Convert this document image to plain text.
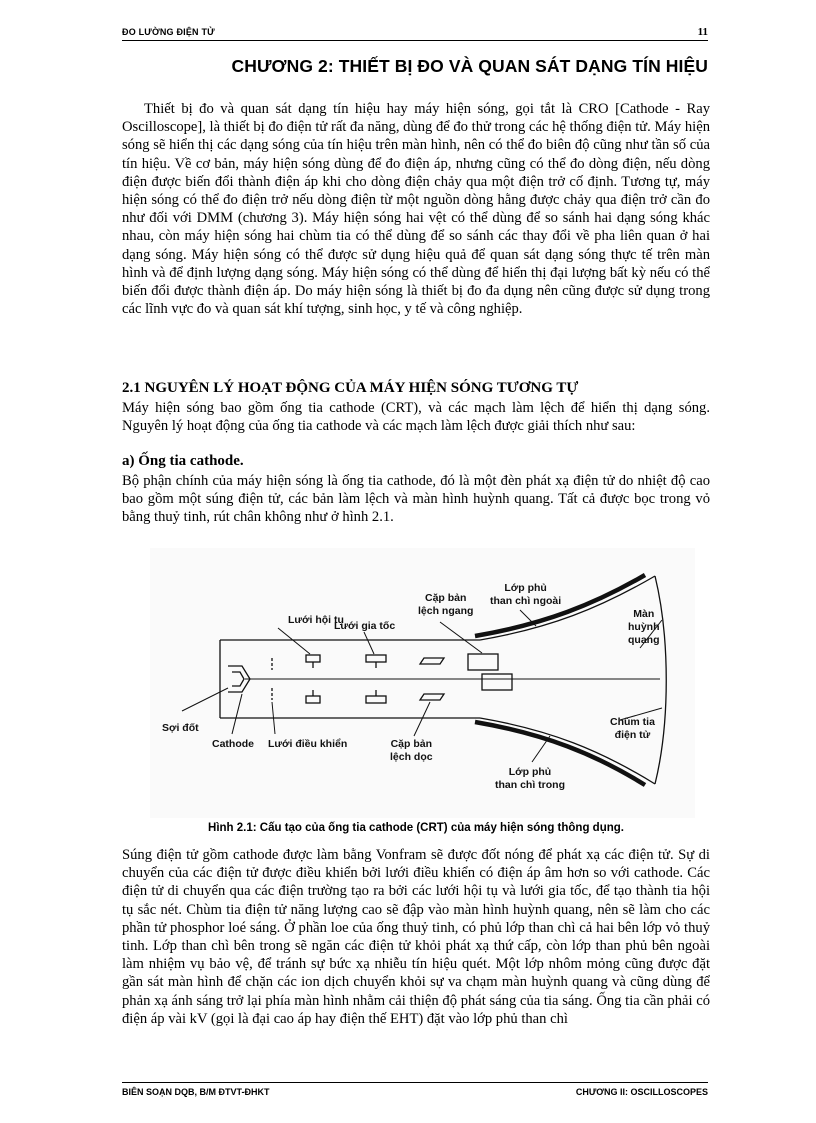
ĐO LƯỜNG ĐIỆN TỬ	11
CHƯƠNG 2: THIẾT BỊ ĐO VÀ QUAN SÁT DẠNG TÍN HIỆU

Thiết bị đo và quan sát dạng tín hiệu hay máy hiện sóng, gọi tắt là CRO [Cathode - Ray Oscilloscope], là thiết bị đo điện tử rất đa năng, dùng để đo thử trong các hệ thống điện tử. Máy hiện sóng sẽ hiển thị các dạng sóng của tín hiệu trên màn hình, nên có thể đo biên độ cũng như tần số của tín hiệu. Về cơ bản, máy hiện sóng dùng để đo điện áp, nhưng cũng có thể đo dòng điện, nếu dòng điện được biến đổi thành điện áp khi cho dòng điện chảy qua một điện trở cố định. Tương tự, máy hiện sóng có thể đo điện trở nếu dòng điện từ một nguồn dòng hằng được chảy qua điện trở cần đo như đối với DMM (chương 3). Máy hiện sóng hai vệt có thể dùng để so sánh hai dạng sóng khác nhau, còn máy hiện sóng hai chùm tia có thể dùng để so sánh các thay đổi về pha liên quan ở hai dạng sóng. Máy hiện sóng có thể được sử dụng hiệu quả để quan sát dạng sóng thực tế trên màn hình và để định lượng dạng sóng. Máy hiện sóng có thể dùng để hiển thị đại lượng bất kỳ nếu có thể biến đổi được thành điện áp. Do máy hiện sóng là thiết bị đo đa dụng nên cũng được sử dụng trong các lĩnh vực đo và quan sát khí tượng, sinh học, y tế và công nghiệp.

2.1 NGUYÊN LÝ HOẠT ĐỘNG CỦA MÁY HIỆN SÓNG TƯƠNG TỰ

Máy hiện sóng bao gồm ống tia cathode (CRT), và các mạch làm lệch để hiển thị dạng sóng. Nguyên lý hoạt động của ống tia cathode và các mạch làm lệch được giải thích như sau:

a) Ống tia cathode.

Bộ phận chính của máy hiện sóng là ống tia cathode, đó là một đèn phát xạ điện tử do nhiệt độ cao bao gồm một súng điện tử, các bản làm lệch và màn hình huỳnh quang. Tất cả được bọc trong vỏ bằng thuỷ tinh, rút chân không như ở hình 2.1.

Lưới hội tụ
Lưới gia tốc
Cặp bản
lệch ngang
Lớp phủ
than chì ngoài
Màn
huỳnh
quang
Sợi đốt
Cathode Lưới điều khiển	Cặp bản
lệch dọc
Chùm tia
điện tử
Lớp phủ
than chì trong
Hình 2.1: Cấu tạo của ống tia cathode (CRT) của máy hiện sóng thông dụng.

Súng điện tử gồm cathode được làm bằng Vonfram sẽ được đốt nóng để phát xạ các điện tử. Sự di chuyển của các điện tử được điều khiển bởi lưới điều khiển có điện áp âm hơn so với cathode. Các điện tử di chuyển qua các điện trường tạo ra bởi các lưới hội tụ và lưới gia tốc, để tạo thành tia hội tụ sắc nét. Chùm tia điện tử năng lượng cao sẽ đập vào màn hình huỳnh quang, nên sẽ làm cho các phần tử phosphor loé sáng. Ở phần loe của ống thuỷ tinh, có phủ lớp than chì cả hai bên lớp vỏ thuỷ tinh. Lớp than chì bên trong sẽ ngăn các điện tử khỏi phát xạ thứ cấp, còn lớp than phủ bên ngoài làm nhiệm vụ bảo vệ, để tránh sự bức xạ nhiễu tín hiệu quét. Một lớp nhôm mỏng cũng được đặt gần sát màn hình để chặn các ion dịch chuyển khỏi sự va chạm màn huỳnh quang và cũng dùng để phản xạ ánh sáng trở lại phía màn hình nhằm cải thiện độ phát sáng của tia sáng. Ống tia cần phải có điện áp vài kV (gọi là đại cao áp hay điện thế EHT) đặt vào lớp phủ than chì

BIÊN SOẠN DQB, B/M ĐTVT-ĐHKT	CHƯƠNG II: OSCILLOSCOPES
